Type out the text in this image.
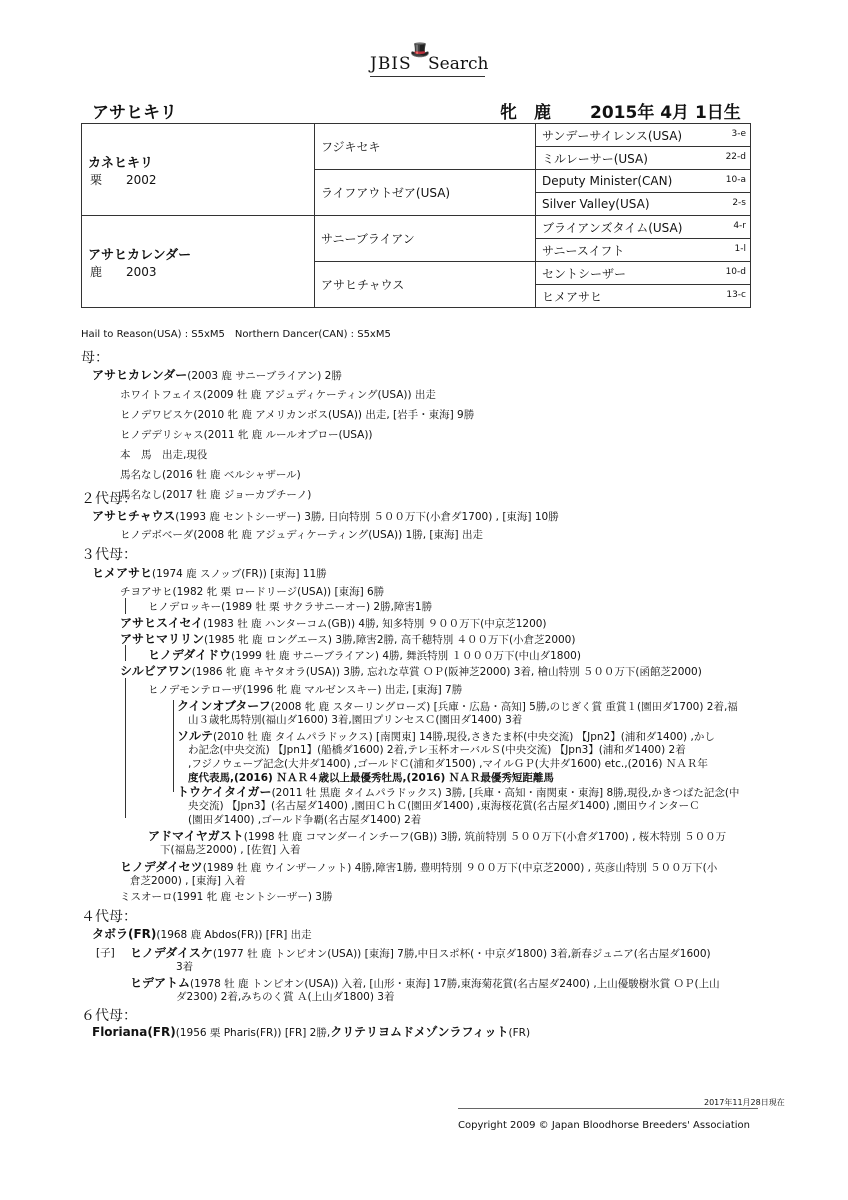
🎩
JBIS Search
アサヒキリ	牝　鹿 2015年 4月 1日生
カネヒキリ
栗　　2002	フジキセキ	サンデーサイレンス(USA) 3-e

		ミルレーサー(USA) 22-d

	ライフアウトゼア(USA)	Deputy Minister(CAN) 10-a

		Silver Valley(USA) 2-s

アサヒカレンダー
鹿　　2003	サニーブライアン	ブライアンズタイム(USA) 4-r

		サニースイフト 1-l

	アサヒチャウス	セントシーザー 10-d

		ヒメアサヒ 13-c
Hail to Reason(USA) : S5xM5　Northern Dancer(CAN) : S5xM5
母：
アサヒカレンダー(2003 鹿 サニーブライアン) 2勝
ホワイトフェイス(2009 牡 鹿 アジュディケーティング(USA)) 出走
ヒノデワビスケ(2010 牝 鹿 アメリカンボス(USA)) 出走, [岩手・東海] 9勝
ヒノデデリシャス(2011 牝 鹿 ルールオブロー(USA))
本　馬　出走,現役
馬名なし(2016 牡 鹿 ベルシャザール)
馬名なし(2017 牡 鹿 ジョーカプチーノ)
２代母：
アサヒチャウス(1993 鹿 セントシーザー) 3勝, 日向特別 ５００万下(小倉ダ1700) , [東海] 10勝
ヒノデボベーダ(2008 牝 鹿 アジュディケーティング(USA)) 1勝, [東海] 出走
３代母：
ヒメアサヒ(1974 鹿 スノッブ(FR)) [東海] 11勝
チヨアサヒ(1982 牝 栗 ロードリージ(USA)) [東海] 6勝
ヒノデロッキー(1989 牡 栗 サクラサニーオー) 2勝,障害1勝
アサヒスイセイ(1983 牡 鹿 ハンターコム(GB)) 4勝, 知多特別 ９００万下(中京芝1200)
アサヒマリリン(1985 牝 鹿 ロングエース) 3勝,障害2勝, 高千穂特別 ４００万下(小倉芝2000)
ヒノデダイドウ(1999 牡 鹿 サニーブライアン) 4勝, 舞浜特別 １０００万下(中山ダ1800)
シルビアワン(1986 牝 鹿 キヤタオラ(USA)) 3勝, 忘れな草賞 ＯＰ(阪神芝2000) 3着, 檜山特別 ５００万下(函館芝2000)
ヒノデモンテローザ(1996 牝 鹿 マルゼンスキー) 出走, [東海] 7勝
クインオブターフ(2008 牝 鹿 スターリングローズ) [兵庫・広島・高知] 5勝,のじぎく賞 重賞１(園田ダ1700) 2着,福
山３歳牝馬特別(福山ダ1600) 3着,園田プリンセスＣ(園田ダ1400) 3着
ソルテ(2010 牡 鹿 タイムパラドックス) [南関東] 14勝,現役,さきたま杯(中央交流) 【Jpn2】(浦和ダ1400) ,かし
わ記念(中央交流) 【Jpn1】(船橋ダ1600) 2着,テレ玉杯オーバルＳ(中央交流) 【Jpn3】(浦和ダ1400) 2着
,フジノウェーブ記念(大井ダ1400) ,ゴールドＣ(浦和ダ1500) ,マイルＧＰ(大井ダ1600) etc.,(2016) ＮＡＲ年
度代表馬,(2016) ＮＡＲ４歳以上最優秀牡馬,(2016) ＮＡＲ最優秀短距離馬
トウケイタイガー(2011 牡 黒鹿 タイムパラドックス) 3勝, [兵庫・高知・南関東・東海] 8勝,現役,かきつばた記念(中
央交流) 【Jpn3】(名古屋ダ1400) ,園田ＣｈＣ(園田ダ1400) ,東海桜花賞(名古屋ダ1400) ,園田ウインターＣ
(園田ダ1400) ,ゴールド争覇(名古屋ダ1400) 2着
アドマイヤガスト(1998 牡 鹿 コマンダーインチーフ(GB)) 3勝, 筑前特別 ５００万下(小倉ダ1700) , 桜木特別 ５００万
下(福島芝2000) , [佐賀] 入着
ヒノデダイセツ(1989 牡 鹿 ウインザーノット) 4勝,障害1勝, 豊明特別 ９００万下(中京芝2000) , 英彦山特別 ５００万下(小
倉芝2000) , [東海] 入着
ミスオーロ(1991 牝 鹿 セントシーザー) 3勝
４代母：
タボラ(FR)(1968 鹿 Abdos(FR)) [FR] 出走
[子] ヒノデダイスケ(1977 牡 鹿 トンピオン(USA)) [東海] 7勝,中日スポ杯(・中京ダ1800) 3着,新春ジュニア(名古屋ダ1600)
3着
ヒデアトム(1978 牡 鹿 トンピオン(USA)) 入着, [山形・東海] 17勝,東海菊花賞(名古屋ダ2400) ,上山優駿樹氷賞 ＯＰ(上山
ダ2300) 2着,みちのく賞 Ａ(上山ダ1800) 3着
６代母：
Floriana(FR)(1956 栗 Pharis(FR)) [FR] 2勝,クリテリヨムドメゾンラフィット(FR)
2017年11月28日現在
Copyright 2009 © Japan Bloodhorse Breeders' Association
